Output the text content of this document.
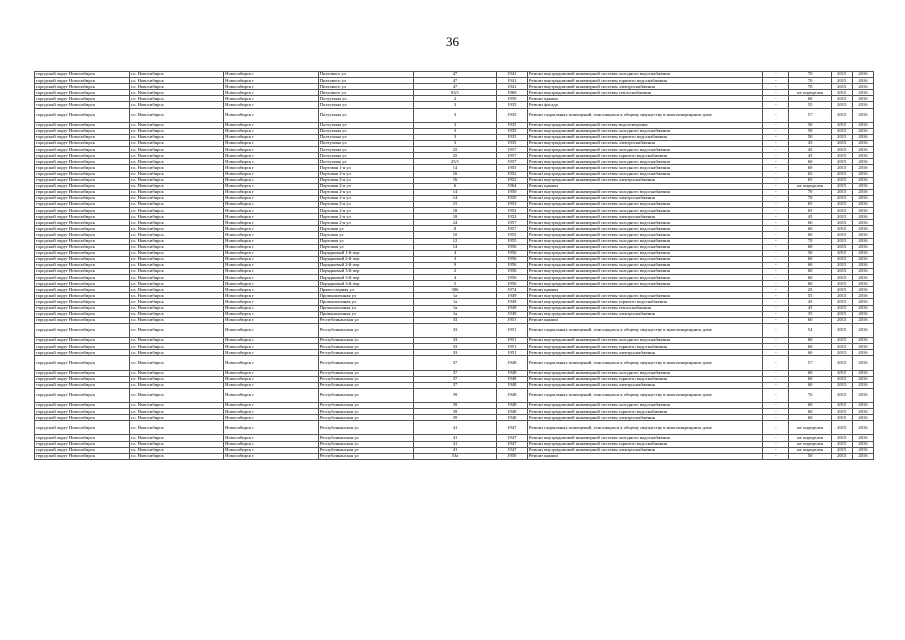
36
городской округ Новосибирск	г.о. Новосибирск	Новосибирск г	Пихтового ул	47	1941	Ремонт внутридомовой инженерной системы холодного водоснабжения	-	70	2015	2016
городской округ Новосибирск	г.о. Новосибирск	Новосибирск г	Пихтового ул	47	1941	Ремонт внутридомовой инженерной системы горячего водоснабжения	-	70	2015	2016
городской округ Новосибирск	г.о. Новосибирск	Новосибирск г	Пихтового ул	47	1941	Ремонт внутридомовой инженерной системы электроснабжения	-	70	2015	2016
городской округ Новосибирск	г.о. Новосибирск	Новосибирск г	Пихтового ул	93/1	1969	Ремонт внутридомовой инженерной системы теплоснабжения	-	не определен	2015	2016
городской округ Новосибирск	г.о. Новосибирск	Новосибирск г	Полтухина ул	2	1959	Ремонт крыши	-	60	2015	2016
городской округ Новосибирск	г.о. Новосибирск	Новосибирск г	Полтухина ул	3	1935	Ремонт фасада	-	55	2015	2016
городской округ Новосибирск	г.о. Новосибирск	Новосибирск г	Полтухина ул	3	1935	Ремонт подвальных помещений, относящихся к общему имуществу в многоквартирном доме	-	57	2015	2016
городской округ Новосибирск	г.о. Новосибирск	Новосибирск г	Полтухина ул	3	1935	Ремонт внутридомовой инженерной системы водоотведения	-	50	2015	2016
городской округ Новосибирск	г.о. Новосибирск	Новосибирск г	Полтухина ул	3	1935	Ремонт внутридомовой инженерной системы холодного водоснабжения	-	50	2015	2016
городской округ Новосибирск	г.о. Новосибирск	Новосибирск г	Полтухина ул	3	1935	Ремонт внутридомовой инженерной системы горячего водоснабжения	-	50	2015	2016
городской округ Новосибирск	г.о. Новосибирск	Новосибирск г	Полтухина ул	3	1935	Ремонт внутридомовой инженерной системы электроснабжения	-	45	2015	2016
городской округ Новосибирск	г.о. Новосибирск	Новосибирск г	Полтухина ул	25	1957	Ремонт внутридомовой инженерной системы холодного водоснабжения	-	45	2015	2016
городской округ Новосибирск	г.о. Новосибирск	Новосибирск г	Полтухина ул	25	1957	Ремонт внутридомовой инженерной системы горячего водоснабжения	-	45	2015	2016
городской округ Новосибирск	г.о. Новосибирск	Новосибирск г	Полтухина ул	25/1	1957	Ремонт внутридомовой инженерной системы холодного водоснабжения	-	60	2015	2016
городской округ Новосибирск	г.о. Новосибирск	Новосибирск г	Портовая 1-я ул	14	1955	Ремонт внутридомовой инженерной системы холодного водоснабжения	-	60	2015	2016
городской округ Новосибирск	г.о. Новосибирск	Новосибирск г	Портовая 2-я ул	16	1952	Ремонт внутридомовой инженерной системы холодного водоснабжения	-	65	2015	2016
городской округ Новосибирск	г.о. Новосибирск	Новосибирск г	Портовая 2-я ул	16	1952	Ремонт внутридомовой инженерной системы электроснабжения	-	65	2015	2016
городской округ Новосибирск	г.о. Новосибирск	Новосибирск г	Портовая 2-я ул	6	1964	Ремонт крыши	-	не определен	2015	2016
городской округ Новосибирск	г.о. Новосибирск	Новосибирск г	Портовая 2-я ул	14	1950	Ремонт внутридомовой инженерной системы холодного водоснабжения	-	70	2015	2016
городской округ Новосибирск	г.о. Новосибирск	Новосибирск г	Портовая 2-я ул	14	1950	Ремонт внутридомовой инженерной системы электроснабжения	-	70	2015	2016
городской округ Новосибирск	г.о. Новосибирск	Новосибирск г	Портовая 2-я ул	15	1953	Ремонт внутридомовой инженерной системы холодного водоснабжения	-	65	2015	2016
городской округ Новосибирск	г.о. Новосибирск	Новосибирск г	Портовая 2-я ул	18	1952	Ремонт внутридомовой инженерной системы холодного водоснабжения	-	65	2015	2016
городской округ Новосибирск	г.о. Новосибирск	Новосибирск г	Портовая 2-я ул	18	1952	Ремонт внутридомовой инженерной системы электроснабжения	-	45	2015	2016
городской округ Новосибирск	г.о. Новосибирск	Новосибирск г	Портовая 2-я ул	24	1957	Ремонт внутридомовой инженерной системы холодного водоснабжения	-	60	2015	2016
городской округ Новосибирск	г.о. Новосибирск	Новосибирск г	Портовая ул	8	1957	Ремонт внутридомовой инженерной системы холодного водоснабжения	-	60	2015	2016
городской округ Новосибирск	г.о. Новосибирск	Новосибирск г	Портовая ул	10	1955	Ремонт внутридомовой инженерной системы холодного водоснабжения	-	60	2015	2016
городской округ Новосибирск	г.о. Новосибирск	Новосибирск г	Портовая ул	12	1955	Ремонт внутридомовой инженерной системы холодного водоснабжения	-	70	2015	2016
городской округ Новосибирск	г.о. Новосибирск	Новосибирск г	Портовая ул	14	1956	Ремонт внутридомовой инженерной системы холодного водоснабжения	-	60	2015	2016
городской округ Новосибирск	г.о. Новосибирск	Новосибирск г	Порядковый 1-й пер	4	1956	Ремонт внутридомовой инженерной системы холодного водоснабжения	-	50	2015	2016
городской округ Новосибирск	г.о. Новосибирск	Новосибирск г	Порядковый 2-й пер	3	1956	Ремонт внутридомовой инженерной системы холодного водоснабжения	-	60	2015	2016
городской округ Новосибирск	г.о. Новосибирск	Новосибирск г	Порядковый 2-й пер	9	1956	Ремонт внутридомовой инженерной системы холодного водоснабжения	-	60	2015	2016
городской округ Новосибирск	г.о. Новосибирск	Новосибирск г	Порядковый 3-й пер	2	1956	Ремонт внутридомовой инженерной системы холодного водоснабжения	-	60	2015	2016
городской округ Новосибирск	г.о. Новосибирск	Новосибирск г	Порядковый 3-й пер	4	1956	Ремонт внутридомовой инженерной системы холодного водоснабжения	-	60	2015	2016
городской округ Новосибирск	г.о. Новосибирск	Новосибирск г	Порядковый 3-й пер	5	1956	Ремонт внутридомовой инженерной системы холодного водоснабжения	-	60	2015	2016
городской округ Новосибирск	г.о. Новосибирск	Новосибирск г	Право-озерная ул	306	1974	Ремонт крыши	-	25	2015	2016
городской округ Новосибирск	г.о. Новосибирск	Новосибирск г	Промышленная ул	1а	1949	Ремонт внутридомовой инженерной системы холодного водоснабжения	-	55	2015	2016
городской округ Новосибирск	г.о. Новосибирск	Новосибирск г	Промышленная ул	1а	1949	Ремонт внутридомовой инженерной системы горячего водоснабжения	-	45	2015	2016
городской округ Новосибирск	г.о. Новосибирск	Новосибирск г	Промышленная ул	1а	1949	Ремонт внутридомовой инженерной системы теплоснабжения	-	45	2015	2016
городской округ Новосибирск	г.о. Новосибирск	Новосибирск г	Промышленная ул	1а	1949	Ремонт внутридомовой инженерной системы электроснабжения	-	35	2015	2016
городской округ Новосибирск	г.о. Новосибирск	Новосибирск г	Республиканская ул	33	1951	Ремонт крыши	-	60	2015	2016
городской округ Новосибирск	г.о. Новосибирск	Новосибирск г	Республиканская ул	33	1951	Ремонт подвальных помещений, относящихся к общему имуществу в многоквартирном доме	-	54	2015	2016
городской округ Новосибирск	г.о. Новосибирск	Новосибирск г	Республиканская ул	33	1951	Ремонт внутридомовой инженерной системы холодного водоснабжения	-	60	2015	2016
городской округ Новосибирск	г.о. Новосибирск	Новосибирск г	Республиканская ул	33	1951	Ремонт внутридомовой инженерной системы горячего водоснабжения	-	60	2015	2016
городской округ Новосибирск	г.о. Новосибирск	Новосибирск г	Республиканская ул	33	1951	Ремонт внутридомовой инженерной системы электроснабжения	-	60	2015	2016
городской округ Новосибирск	г.о. Новосибирск	Новосибирск г	Республиканская ул	37	1948	Ремонт подвальных помещений, относящихся к общему имуществу в многоквартирном доме	-	57	2015	2016
городской округ Новосибирск	г.о. Новосибирск	Новосибирск г	Республиканская ул	37	1948	Ремонт внутридомовой инженерной системы холодного водоснабжения	-	60	2015	2016
городской округ Новосибирск	г.о. Новосибирск	Новосибирск г	Республиканская ул	37	1948	Ремонт внутридомовой инженерной системы горячего водоснабжения	-	60	2015	2016
городской округ Новосибирск	г.о. Новосибирск	Новосибирск г	Республиканская ул	37	1948	Ремонт внутридомовой инженерной системы электроснабжения	-	60	2015	2016
городской округ Новосибирск	г.о. Новосибирск	Новосибирск г	Республиканская ул	39	1948	Ремонт подвальных помещений, относящихся к общему имуществу в многоквартирном доме	-	76	2015	2016
городской округ Новосибирск	г.о. Новосибирск	Новосибирск г	Республиканская ул	39	1948	Ремонт внутридомовой инженерной системы холодного водоснабжения	-	60	2015	2016
городской округ Новосибирск	г.о. Новосибирск	Новосибирск г	Республиканская ул	39	1948	Ремонт внутридомовой инженерной системы горячего водоснабжения	-	60	2015	2016
городской округ Новосибирск	г.о. Новосибирск	Новосибирск г	Республиканская ул	39	1948	Ремонт внутридомовой инженерной системы электроснабжения	-	60	2015	2016
городской округ Новосибирск	г.о. Новосибирск	Новосибирск г	Республиканская ул	41	1947	Ремонт подвальных помещений, относящихся к общему имуществу в многоквартирном доме	-	не определен	2015	2016
городской округ Новосибирск	г.о. Новосибирск	Новосибирск г	Республиканская ул	41	1947	Ремонт внутридомовой инженерной системы холодного водоснабжения	-	не определен	2015	2016
городской округ Новосибирск	г.о. Новосибирск	Новосибирск г	Республиканская ул	41	1947	Ремонт внутридомовой инженерной системы горячего водоснабжения	-	не определен	2015	2016
городской округ Новосибирск	г.о. Новосибирск	Новосибирск г	Республиканская ул	41	1947	Ремонт внутридомовой инженерной системы электроснабжения	-	не определен	2015	2016
городской округ Новосибирск	г.о. Новосибирск	Новосибирск г	Республиканская ул	53а	1950	Ремонт крыши	-	50	2015	2016
